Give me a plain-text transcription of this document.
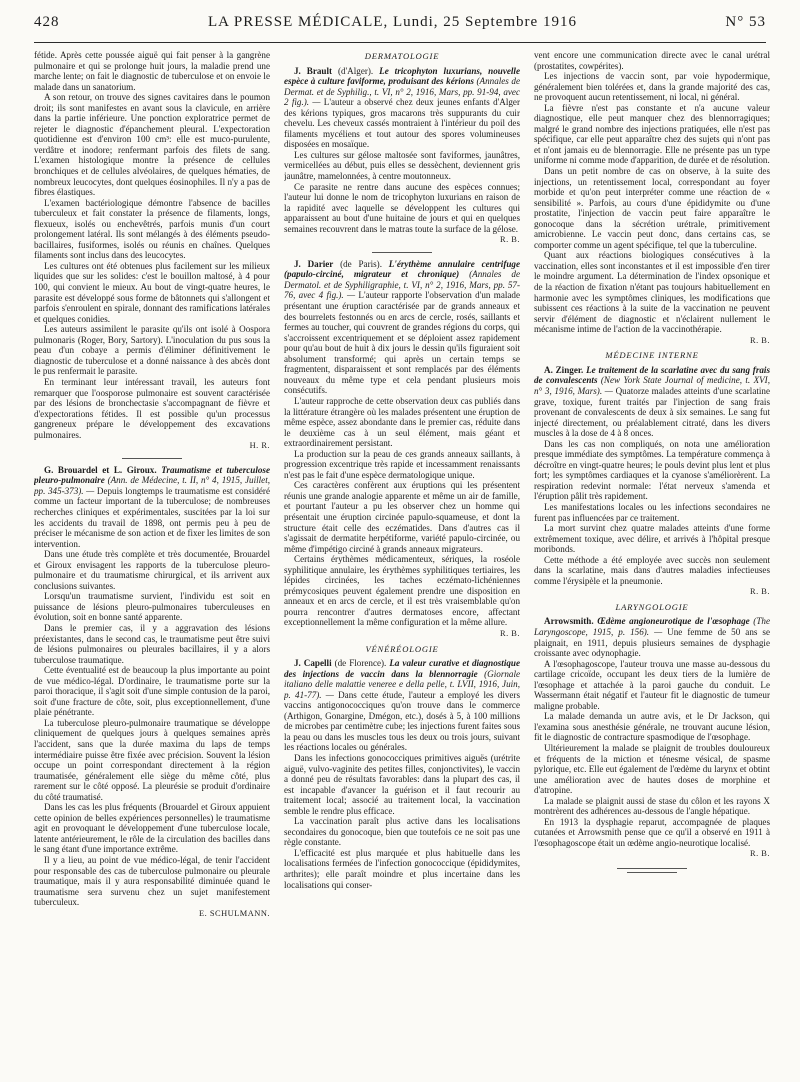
428	LA PRESSE MÉDICALE, Lundi, 25 Septembre 1916	N° 53

fétide. Après cette poussée aiguë qui fait penser à la gangrène pulmonaire et qui se prolonge huit jours, la maladie prend une marche lente; on fait le diagnostic de tuberculose et on envoie le malade dans un sanatorium.

A son retour, on trouve des signes cavitaires dans le poumon droit; ils sont manifestes en avant sous la clavicule, en arrière dans la partie inférieure. Une ponction exploratrice permet de rejeter le diagnostic d'épanchement pleural. L'expectoration quotidienne est d'environ 100 cm³: elle est muco-purulente, verdâtre et inodore; renfermant parfois des filets de sang. L'examen histologique montre la présence de cellules bronchiques et de cellules alvéolaires, de quelques hématies, de nombreux leucocytes, dont quelques éosinophiles. Il n'y a pas de fibres élastiques.

L'examen bactériologique démontre l'absence de bacilles tuberculeux et fait constater la présence de filaments, longs, flexueux, isolés ou enchevêtrés, parfois munis d'un court prolongement latéral. Ils sont mélangés à des éléments pseudo-bacillaires, fusiformes, isolés ou réunis en chaînes. Quelques filaments sont inclus dans des leucocytes.

Les cultures ont été obtenues plus facilement sur les milieux liquides que sur les solides: c'est le bouillon maltosé, à 4 pour 100, qui convient le mieux. Au bout de vingt-quatre heures, le parasite est développé sous forme de bâtonnets qui s'allongent et parfois s'enroulent en spirale, donnant des ramifications latérales et quelques conidies.

Les auteurs assimilent le parasite qu'ils ont isolé à Oospora pulmonaris (Roger, Bory, Sartory). L'inoculation du pus sous la peau d'un cobaye a permis d'éliminer définitivement le diagnostic de tuberculose et a donné naissance à des abcès dont le pus renfermait le parasite.

En terminant leur intéressant travail, les auteurs font remarquer que l'oosporose pulmonaire est souvent caractérisée par des lésions de bronchectasie s'accompagnant de fièvre et d'expectorations fétides. Il est possible qu'un processus gangreneux prépare le développement des excavations pulmonaires.

H. R.

G. Brouardel et L. Giroux. Traumatisme et tuberculose pleuro-pulmonaire (Ann. de Médecine, t. II, n° 4, 1915, Juillet, pp. 345-373). — Depuis longtemps le traumatisme est considéré comme un facteur important de la tuberculose; de nombreuses recherches cliniques et expérimentales, suscitées par la loi sur les accidents du travail de 1898, ont permis peu à peu de préciser le mécanisme de son action et de fixer les limites de son intervention.

Dans une étude très complète et très documentée, Brouardel et Giroux envisagent les rapports de la tuberculose pleuro-pulmonaire et du traumatisme chirurgical, et ils arrivent aux conclusions suivantes.

Lorsqu'un traumatisme survient, l'individu est soit en puissance de lésions pleuro-pulmonaires tuberculeuses en évolution, soit en bonne santé apparente.

Dans le premier cas, il y a aggravation des lésions préexistantes, dans le second cas, le traumatisme peut être suivi de lésions pulmonaires ou pleurales bacillaires, il y a alors tuberculose traumatique.

Cette éventualité est de beaucoup la plus importante au point de vue médico-légal. D'ordinaire, le traumatisme porte sur la paroi thoracique, il s'agit soit d'une simple contusion de la paroi, soit d'une fracture de côte, soit, plus exceptionnellement, d'une plaie pénétrante.

La tuberculose pleuro-pulmonaire traumatique se développe cliniquement de quelques jours à quelques semaines après l'accident, sans que la durée maxima du laps de temps intermédiaire puisse être fixée avec précision. Souvent la lésion occupe un point correspondant directement à la région traumatisée, généralement elle siège du même côté, plus rarement sur le côté opposé. La pleurésie se produit d'ordinaire du côté traumatisé.

Dans les cas les plus fréquents (Brouardel et Giroux appuient cette opinion de belles expériences personnelles) le traumatisme agit en provoquant le développement d'une tuberculose locale, latente antérieurement, le rôle de la circulation des bacilles dans le sang étant d'une importance extrême.

Il y a lieu, au point de vue médico-légal, de tenir l'accident pour responsable des cas de tuberculose pulmonaire ou pleurale traumatique, mais il y aura responsabilité diminuée quand le traumatisme sera survenu chez un sujet manifestement tuberculeux.

E. SCHULMANN.
DERMATOLOGIE

J. Brault (d'Alger). Le tricophyton luxurians, nouvelle espèce à culture faviforme, produisant des kérions (Annales de Dermat. et de Syphilig., t. VI, n° 2, 1916, Mars, pp. 91-94, avec 2 fig.). — L'auteur a observé chez deux jeunes enfants d'Alger des kérions typiques, gros macarons très suppurants du cuir chevelu. Les cheveux cassés montraient à l'intérieur du poil des filaments mycéliens et tout autour des spores volumineuses disposées en mosaïque.

Les cultures sur gélose maltosée sont faviformes, jaunâtres, vermicellées au début, puis elles se dessèchent, deviennent gris jaunâtre, mamelonnées, à centre moutonneux.

Ce parasite ne rentre dans aucune des espèces connues; l'auteur lui donne le nom de tricophyton luxurians en raison de la rapidité avec laquelle se développent les cultures qui apparaissent au bout d'une huitaine de jours et qui en quelques semaines recouvrent dans le matras toute la surface de la gélose.

R. B.

J. Darier (de Paris). L'érythème annulaire centrifuge (papulo-circiné, migrateur et chronique) (Annales de Dermatol. et de Syphiligraphie, t. VI, n° 2, 1916, Mars, pp. 57-76, avec 4 fig.). — L'auteur rapporte l'observation d'un malade présentant une éruption caractérisée par de grands anneaux et des bourrelets festonnés ou en arcs de cercle, rosés, saillants et fermes au toucher, qui couvrent de grandes régions du corps, qui s'accroissent excentriquement et se déploient assez rapidement pour qu'au bout de huit à dix jours le dessin qu'ils figuraient soit absolument transformé; qui après un certain temps se fragmentent, disparaissent et sont remplacés par des éléments nouveaux du même type et cela pendant plusieurs mois consécutifs.

L'auteur rapproche de cette observation deux cas publiés dans la littérature étrangère où les malades présentent une éruption de même espèce, assez abondante dans le premier cas, réduite dans le deuxième cas à un seul élément, mais géant et extraordinairement persistant.

La production sur la peau de ces grands anneaux saillants, à progression excentrique très rapide et incessamment renaissants n'est pas le fait d'une espèce dermatologique unique.

Ces caractères confèrent aux éruptions qui les présentent réunis une grande analogie apparente et même un air de famille, et pourtant l'auteur a pu les observer chez un homme qui présentait une éruption circinée papulo-squameuse, et dont la structure était celle des eczématides. Dans d'autres cas il s'agissait de dermatite herpétiforme, variété papulo-circinée, ou même d'impétigo circiné à grands anneaux migrateurs.

Certains érythèmes médicamenteux, sériques, la roséole syphilitique annulaire, les érythèmes syphilitiques tertiaires, les lépides circinées, les taches eczémato-lichéniennes prémycosiques peuvent également prendre une disposition en anneaux et en arcs de cercle, et il est très vraisemblable qu'on pourra rencontrer d'autres dermatoses encore, affectant exceptionnellement la même configuration et la même allure.

R. B.
VÉNÉRÉOLOGIE

J. Capelli (de Florence). La valeur curative et diagnostique des injections de vaccin dans la blennorragie (Giornale italiano delle malattie veneree e della pelle, t. LVII, 1916, Juin, p. 41-77). — Dans cette étude, l'auteur a employé les divers vaccins antigonococciques qu'on trouve dans le commerce (Arthigon, Gonargine, Dmégon, etc.), dosés à 5, à 100 millions de microbes par centimètre cube; les injections furent faites sous la peau ou dans les muscles tous les deux ou trois jours, suivant les réactions locales ou générales.

Dans les infections gonococciques primitives aiguës (urétrite aiguë, vulvo-vaginite des petites filles, conjonctivites), le vaccin a donné peu de résultats favorables: dans la plupart des cas, il est incapable d'avancer la guérison et il faut recourir au traitement local; associé au traitement local, la vaccination semble le rendre plus efficace.

La vaccination paraît plus active dans les localisations secondaires du gonocoque, bien que toutefois ce ne soit pas une règle constante.

L'efficacité est plus marquée et plus habituelle dans les localisations fermées de l'infection gonococcique (épididymites, arthrites); elle paraît moindre et plus incertaine dans les localisations qui conser-

vent encore une communication directe avec le canal urétral (prostatites, cowpérites).

Les injections de vaccin sont, par voie hypodermique, généralement bien tolérées et, dans la grande majorité des cas, ne provoquent aucun retentissement, ni local, ni général.

La fièvre n'est pas constante et n'a aucune valeur diagnostique, elle peut manquer chez des blennorragiques; malgré le grand nombre des injections pratiquées, elle n'est pas spécifique, car elle peut apparaître chez des sujets qui n'ont pas et n'ont jamais eu de blennorragie. Elle ne présente pas un type uniforme ni comme mode d'apparition, de durée et de résolution.

Dans un petit nombre de cas on observe, à la suite des injections, un retentissement local, correspondant au foyer morbide et qu'on peut interpréter comme une réaction de « sensibilité ». Parfois, au cours d'une épididymite ou d'une prostatite, l'injection de vaccin peut faire apparaître le gonocoque dans la sécrétion urétrale, primitivement amicrobienne. Le vaccin peut donc, dans certains cas, se comporter comme un agent spécifique, tel que la tuberculine.

Quant aux réactions biologiques consécutives à la vaccination, elles sont inconstantes et il est impossible d'en tirer le moindre argument. La détermination de l'index opsonique et de la réaction de fixation n'étant pas toujours habituellement en harmonie avec les symptômes cliniques, les modifications que subissent ces réactions à la suite de la vaccination ne peuvent servir d'élément de diagnostic et n'éclairent nullement le mécanisme intime de l'action de la vaccinothérapie.

R. B.
MÉDECINE INTERNE

A. Zinger. Le traitement de la scarlatine avec du sang frais de convalescents (New York State Journal of medicine, t. XVI, n° 3, 1916, Mars). — Quatorze malades atteints d'une scarlatine grave, toxique, furent traités par l'injection de sang frais provenant de convalescents de deux à six semaines. Le sang fut injecté directement, ou préalablement citraté, dans les divers muscles à la dose de 4 à 8 onces.

Dans les cas non compliqués, on nota une amélioration presque immédiate des symptômes. La température commença à décroître en vingt-quatre heures; le pouls devint plus lent et plus fort; les symptômes cardiaques et la cyanose s'améliorèrent. La respiration redevint normale: l'état nerveux s'amenda et l'éruption pâlit très rapidement.

Les manifestations locales ou les infections secondaires ne furent pas influencées par ce traitement.

La mort survint chez quatre malades atteints d'une forme extrêmement toxique, avec délire, et arrivés à l'hôpital presque moribonds.

Cette méthode a été employée avec succès non seulement dans la scarlatine, mais dans d'autres maladies infectieuses comme l'érysipèle et la pneumonie.

R. B.
LARYNGOLOGIE

Arrowsmith. Œdème angioneurotique de l'œsophage (The Laryngoscope, 1915, p. 156). — Une femme de 50 ans se plaignait, en 1911, depuis plusieurs semaines de dysphagie croissante avec odynophagie.

A l'œsophagoscope, l'auteur trouva une masse au-dessous du cartilage cricoïde, occupant les deux tiers de la lumière de l'œsophage et attachée à la paroi gauche du conduit. Le Wassermann était négatif et l'auteur fit le diagnostic de tumeur maligne probable.

La malade demanda un autre avis, et le Dr Jackson, qui l'examina sous anesthésie générale, ne trouvant aucune lésion, fit le diagnostic de contracture spasmodique de l'œsophage.

Ultérieurement la malade se plaignit de troubles douloureux et fréquents de la miction et ténesme vésical, de spasme pylorique, etc. Elle eut également de l'œdème du larynx et obtint une amélioration avec de hautes doses de morphine et d'atropine.

La malade se plaignit aussi de stase du côlon et les rayons X montrèrent des adhérences au-dessous de l'angle hépatique.

En 1913 la dysphagie reparut, accompagnée de plaques cutanées et Arrowsmith pense que ce qu'il a observé en 1911 à l'œsophagoscope était un œdème angio-neurotique localisé.

R. B.
